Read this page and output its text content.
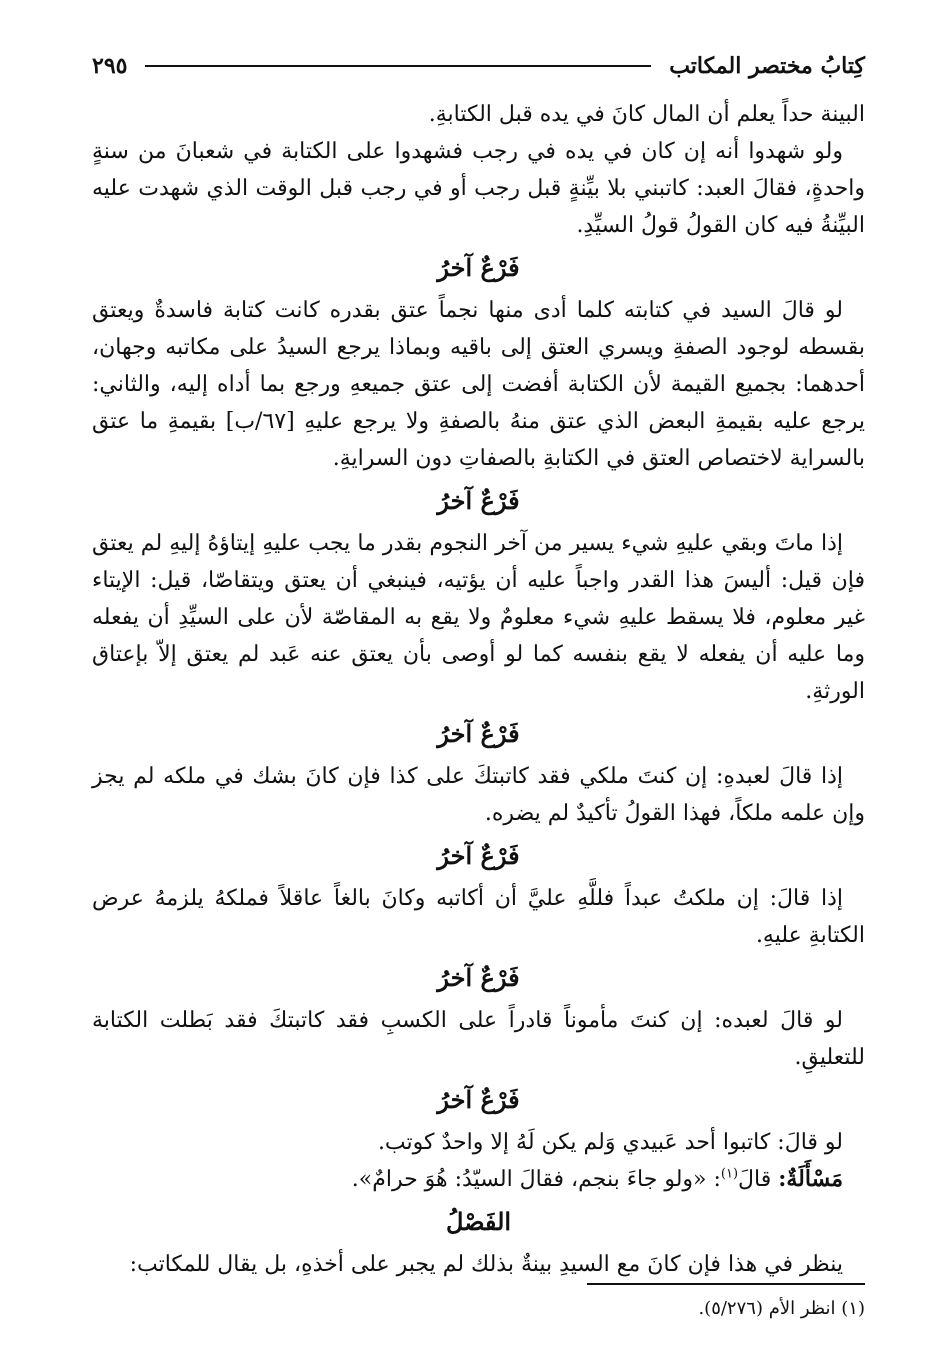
كِتابُ مختصر المكاتب
٢٩٥

البينة حداً يعلم أن المال كانَ في يده قبل الكتابةِ.

ولو شهدوا أنه إن كان في يده في رجب فشهدوا على الكتابة في شعبانَ من سنةٍ واحدةٍ، فقالَ العبد: كاتبني بلا بيِّنةٍ قبل رجب أو في رجب قبل الوقت الذي شهدت عليه البيِّنةُ فيه كان القولُ قولُ السيِّدِ.

فَرْعٌ آخرُ

لو قالَ السيد في كتابته كلما أدى منها نجماً عتق بقدره كانت كتابة فاسدةٌ ويعتق بقسطه لوجود الصفةِ ويسري العتق إلى باقيه وبماذا يرجع السيدُ على مكاتبه وجهان، أحدهما: بجميع القيمة لأن الكتابة أفضت إلى عتق جميعهِ ورجع بما أداه إليه، والثاني: يرجع عليه بقيمةِ البعض الذي عتق منهُ بالصفةِ ولا يرجع عليهِ [٦٧/ب] بقيمةِ ما عتق بالسراية لاختصاص العتق في الكتابةِ بالصفاتِ دون السرايةِ.

فَرْعٌ آخرُ

إذا ماتَ وبقي عليهِ شيء يسير من آخر النجوم بقدر ما يجب عليهِ إيتاؤهُ إليهِ لم يعتق فإن قيل: أليسَ هذا القدر واجباً عليه أن يؤتيه، فينبغي أن يعتق ويتقاصّا، قيل: الإيتاء غير معلوم، فلا يسقط عليهِ شيء معلومٌ ولا يقع به المقاصّة لأن على السيِّدِ أن يفعله وما عليه أن يفعله لا يقع بنفسه كما لو أوصى بأن يعتق عنه عَبد لم يعتق إلاّ بإعتاق الورثةِ.

فَرْعٌ آخرُ

إذا قالَ لعبدهِ: إن كنتَ ملكي فقد كاتبتكَ على كذا فإن كانَ بشك في ملكه لم يجز وإن علمه ملكاً، فهذا القولُ تأكيدٌ لم يضره.

فَرْعٌ آخرُ

إذا قالَ: إن ملكتُ عبداً فللَّهِ عليَّ أن أكاتبه وكانَ بالغاً عاقلاً فملكهُ يلزمهُ عرض الكتابةِ عليهِ.

فَرْعٌ آخرُ

لو قالَ لعبده: إن كنتَ مأموناً قادراً على الكسبِ فقد كاتبتكَ فقد بَطلت الكتابة للتعليقِ.

فَرْعٌ آخرُ

لو قالَ: كاتبوا أحد عَبيدي وَلم يكن لَهُ إلا واحدٌ كوتب.

مَسْأَلَةٌ: قالَ$^{(١)}$: «ولو جاءَ بنجم، فقالَ السيّدُ: هُوَ حرامٌ».

الفَصْلُ

ينظر في هذا فإن كانَ مع السيدِ بينةٌ بذلك لم يجبر على أخذهِ، بل يقال للمكاتب:

(١) انظر الأم (٥/٢٧٦).
